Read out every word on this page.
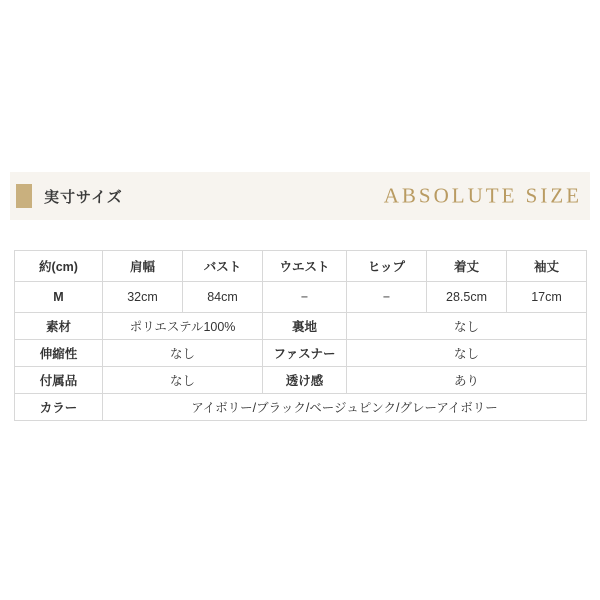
実寸サイズ	ABSOLUTE SIZE
約(cm)	肩幅	バスト	ウエスト	ヒップ	着丈	袖丈
M	32cm	84cm	−	−	28.5cm	17cm
素材	ポリエステル100%		裏地	なし		
伸縮性	なし		ファスナー	なし		
付属品	なし		透け感	あり		
カラー	アイボリー/ブラック/ベージュピンク/グレーアイボリー					
